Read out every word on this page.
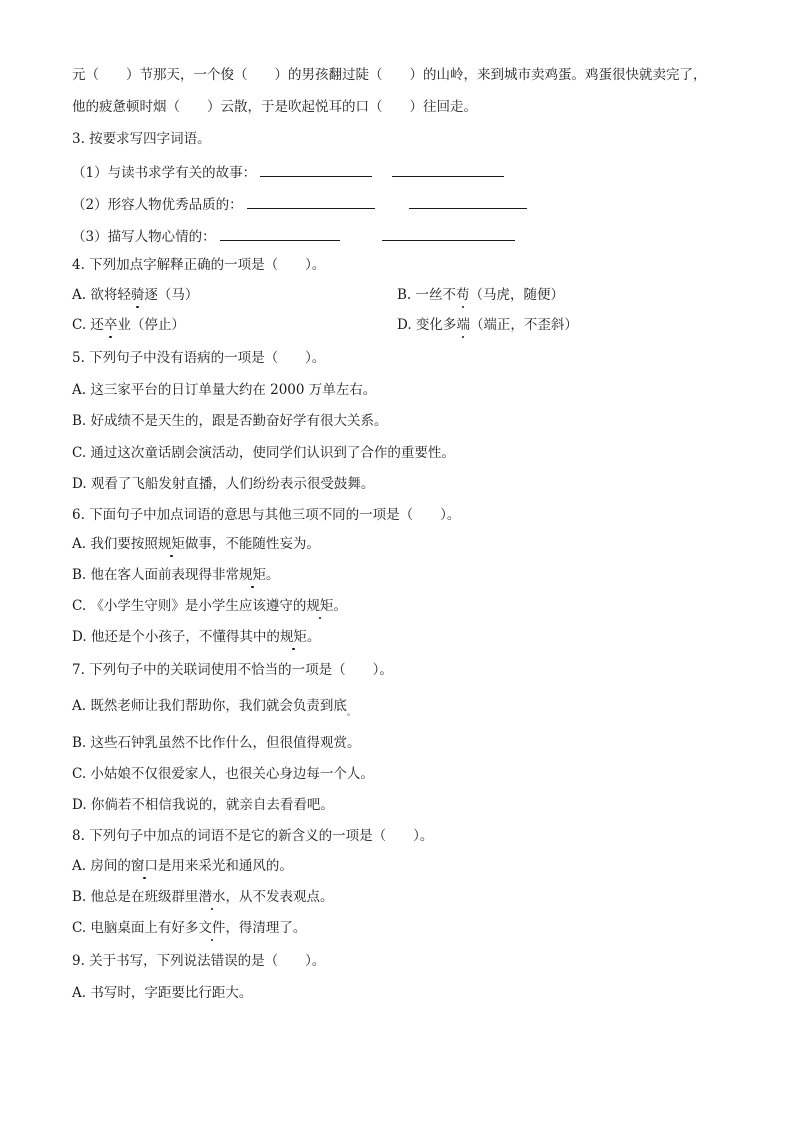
元（　　）节那天，一个俊（　　）的男孩翻过陡（　　）的山岭，来到城市卖鸡蛋。鸡蛋很快就卖完了，
他的疲惫顿时烟（　　）云散，于是吹起悦耳的口（　　）往回走。
3. 按要求写四字词语。
（1）与读书求学有关的故事：
（2）形容人物优秀品质的：
（3）描写人物心情的：
4. 下列加点字解释正确的一项是（　　）。
A. 欲将轻骑逐（马）	B. 一丝不苟（马虎，随便）
C. 还卒业（停止）	D. 变化多端（端正，不歪斜）
5. 下列句子中没有语病的一项是（　　）。
A. 这三家平台的日订单量大约在 2000 万单左右。
B. 好成绩不是天生的，跟是否勤奋好学有很大关系。
C. 通过这次童话剧会演活动，使同学们认识到了合作的重要性。
D. 观看了飞船发射直播，人们纷纷表示很受鼓舞。
6. 下面句子中加点词语的意思与其他三项不同的一项是（　　）。
A. 我们要按照规矩做事，不能随性妄为。
B. 他在客人面前表现得非常规矩。
C. 《小学生守则》是小学生应该遵守的规矩。
D. 他还是个小孩子，不懂得其中的规矩。
7. 下列句子中的关联词使用不恰当的一项是（　　）。
A. 既然老师让我们帮助你，我们就会负责到底$_。$
B. 这些石钟乳虽然不比作什么，但很值得观赏。
C. 小姑娘不仅很爱家人，也很关心身边每一个人。
D. 你倘若不相信我说的，就亲自去看看吧。
8. 下列句子中加点的词语不是它的新含义的一项是（　　）。
A. 房间的窗口是用来采光和通风的。
B. 他总是在班级群里潜水，从不发表观点。
C. 电脑桌面上有好多文件，得清理了。
9. 关于书写，下列说法错误的是（　　）。
A. 书写时，字距要比行距大。
